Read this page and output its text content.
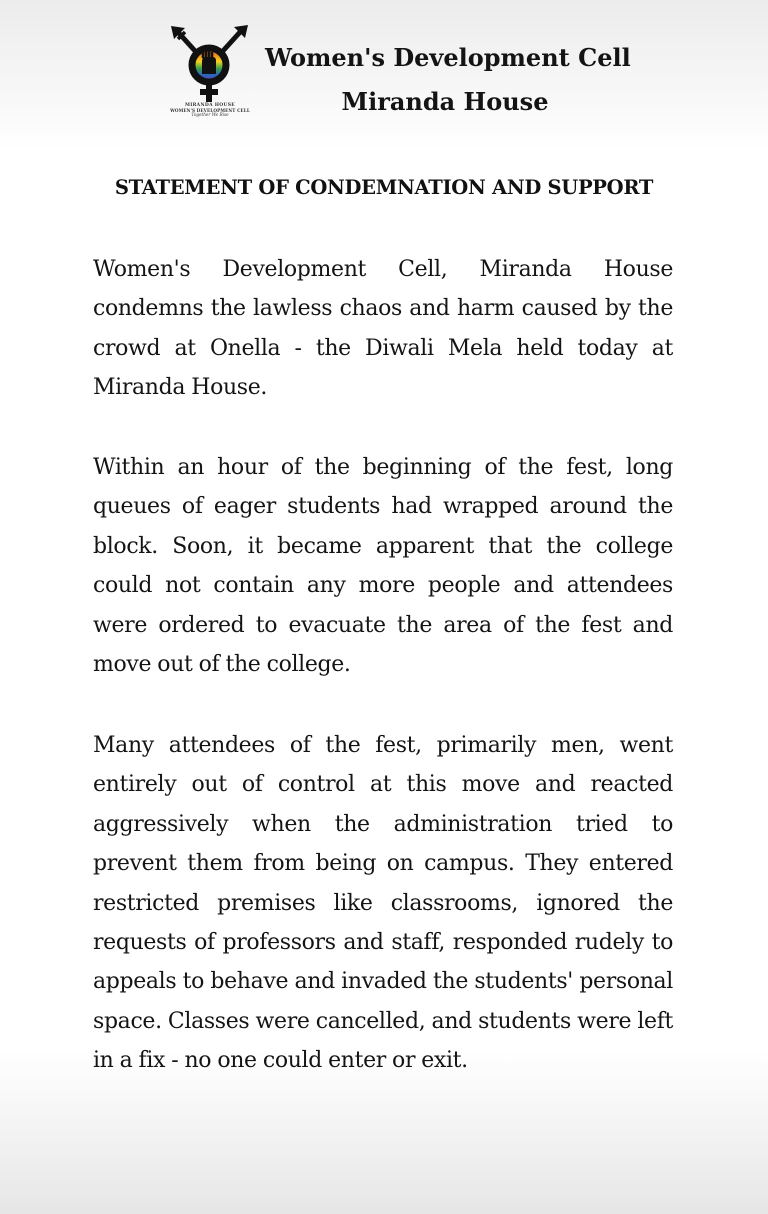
MIRANDA HOUSE
WOMEN'S DEVELOPMENT CELL
Together We Rise
Women's Development Cell
Miranda House
STATEMENT OF CONDEMNATION AND SUPPORT
Women's Development Cell, Miranda House condemns the lawless chaos and harm caused by the crowd at Onella - the Diwali Mela held today at Miranda House.
Within an hour of the beginning of the fest, long queues of eager students had wrapped around the block. Soon, it became apparent that the college could not contain any more people and attendees were ordered to evacuate the area of the fest and move out of the college.
Many attendees of the fest, primarily men, went entirely out of control at this move and reacted aggressively when the administration tried to prevent them from being on campus. They entered restricted premises like classrooms, ignored the requests of professors and staff, responded rudely to appeals to behave and invaded the students' personal space. Classes were cancelled, and students were left in a fix - no one could enter or exit.
